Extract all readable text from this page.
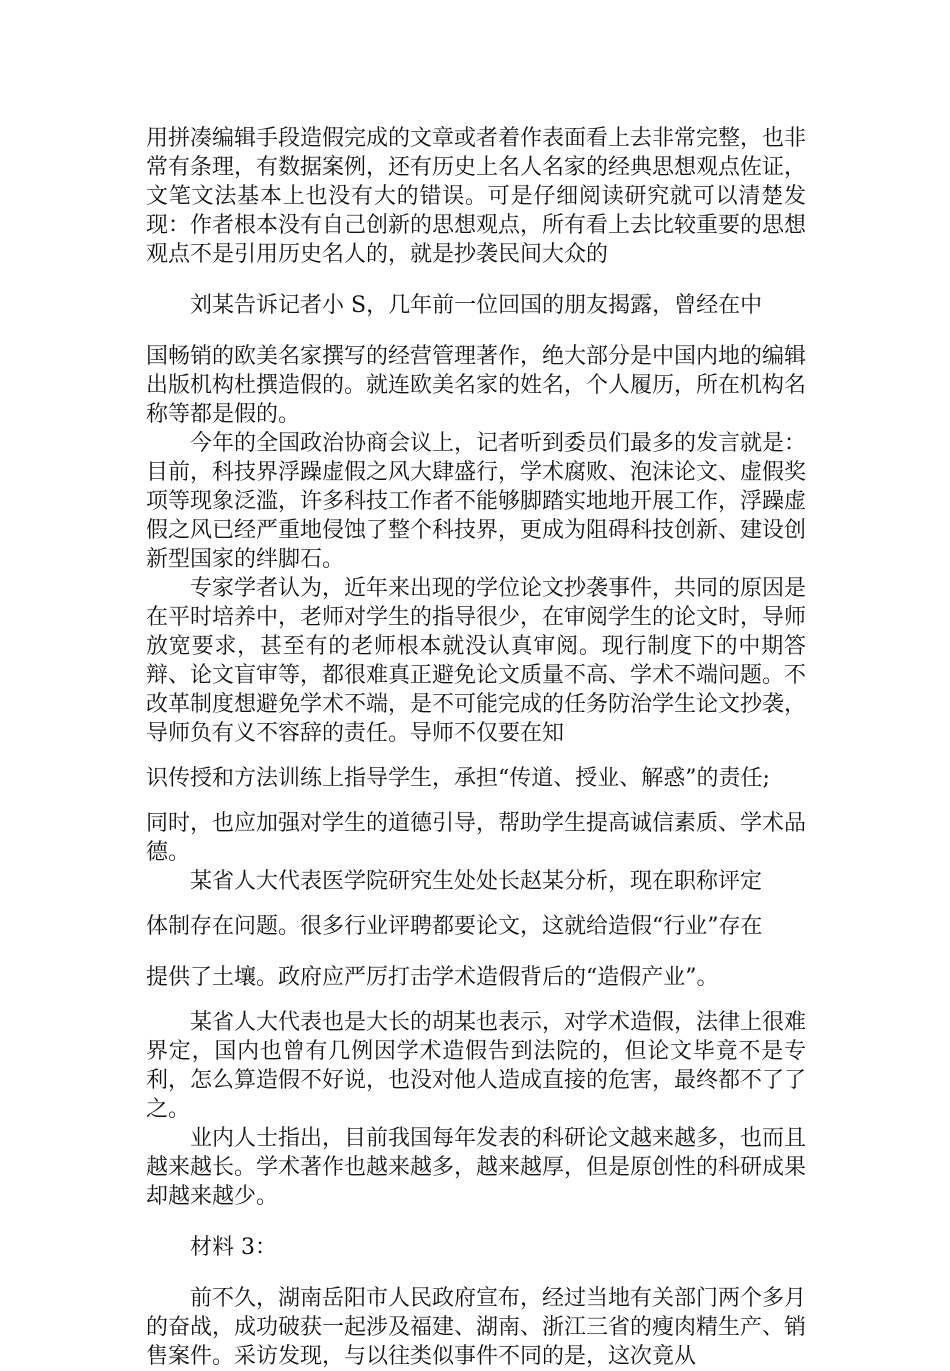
用拼凑编辑手段造假完成的文章或者着作表面看上去非常完整，也非常有条理，有数据案例，还有历史上名人名家的经典思想观点佐证，文笔文法基本上也没有大的错误。可是仔细阅读研究就可以清楚发现：作者根本没有自己创新的思想观点，所有看上去比较重要的思想观点不是引用历史名人的，就是抄袭民间大众的

刘某告诉记者小 S，几年前一位回国的朋友揭露，曾经在中

国畅销的欧美名家撰写的经营管理著作，绝大部分是中国内地的编辑出版机构杜撰造假的。就连欧美名家的姓名，个人履历，所在机构名称等都是假的。

今年的全国政治协商会议上，记者听到委员们最多的发言就是：目前，科技界浮躁虚假之风大肆盛行，学术腐败、泡沫论文、虚假奖项等现象泛滥，许多科技工作者不能够脚踏实地地开展工作，浮躁虚假之风已经严重地侵蚀了整个科技界，更成为阻碍科技创新、建设创新型国家的绊脚石。

专家学者认为，近年来出现的学位论文抄袭事件，共同的原因是在平时培养中，老师对学生的指导很少，在审阅学生的论文时，导师放宽要求，甚至有的老师根本就没认真审阅。现行制度下的中期答辩、论文盲审等，都很难真正避免论文质量不高、学术不端问题。不改革制度想避免学术不端，是不可能完成的任务防治学生论文抄袭，导师负有义不容辞的责任。导师不仅要在知

识传授和方法训练上指导学生，承担“传道、授业、解惑”的责任;

同时，也应加强对学生的道德引导，帮助学生提高诚信素质、学术品德。

某省人大代表医学院研究生处处长赵某分析，现在职称评定

体制存在问题。很多行业评聘都要论文，这就给造假“行业”存在

提供了土壤。政府应严厉打击学术造假背后的“造假产业”。

某省人大代表也是大长的胡某也表示，对学术造假，法律上很难界定，国内也曾有几例因学术造假告到法院的，但论文毕竟不是专利，怎么算造假不好说，也没对他人造成直接的危害，最终都不了了之。

业内人士指出，目前我国每年发表的科研论文越来越多，也而且越来越长。学术著作也越来越多，越来越厚，但是原创性的科研成果却越来越少。

材料 3：

前不久，湖南岳阳市人民政府宣布，经过当地有关部门两个多月的奋战，成功破获一起涉及福建、湖南、浙江三省的瘦肉精生产、销售案件。采访发现，与以往类似事件不同的是，这次竟从
